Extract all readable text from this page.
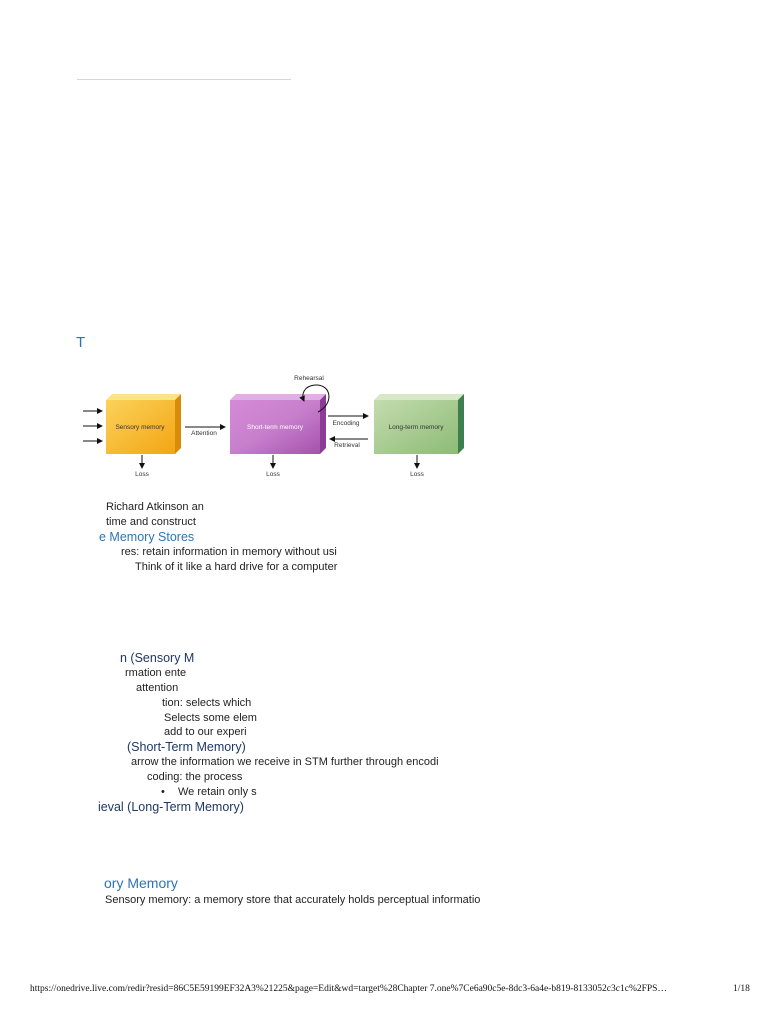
T
Sensory memory
Attention
Short-term memory
Rehearsal
Encoding
Retrieval
Long-term memory
Loss	Loss	Loss
Richard Atkinson an
time and construct
e Memory Stores
res: retain information in memory without usi
Think of it like a hard drive for a computer
n (Sensory M
rmation ente
attention
tion: selects which
Selects some elem
add to our experi
(Short-Term Memory)
arrow the information we receive in STM further through encodi
coding: the process
• We retain only s
ieval (Long-Term Memory)
ory Memory
Sensory memory: a memory store that accurately holds perceptual informatio
https://onedrive.live.com/redir?resid=86C5E59199EF32A3%21225&page=Edit&wd=target%28Chapter 7.one%7Ce6a90c5e-8dc3-6a4e-b819-8133052c3c1c%2FPS…	1/18
